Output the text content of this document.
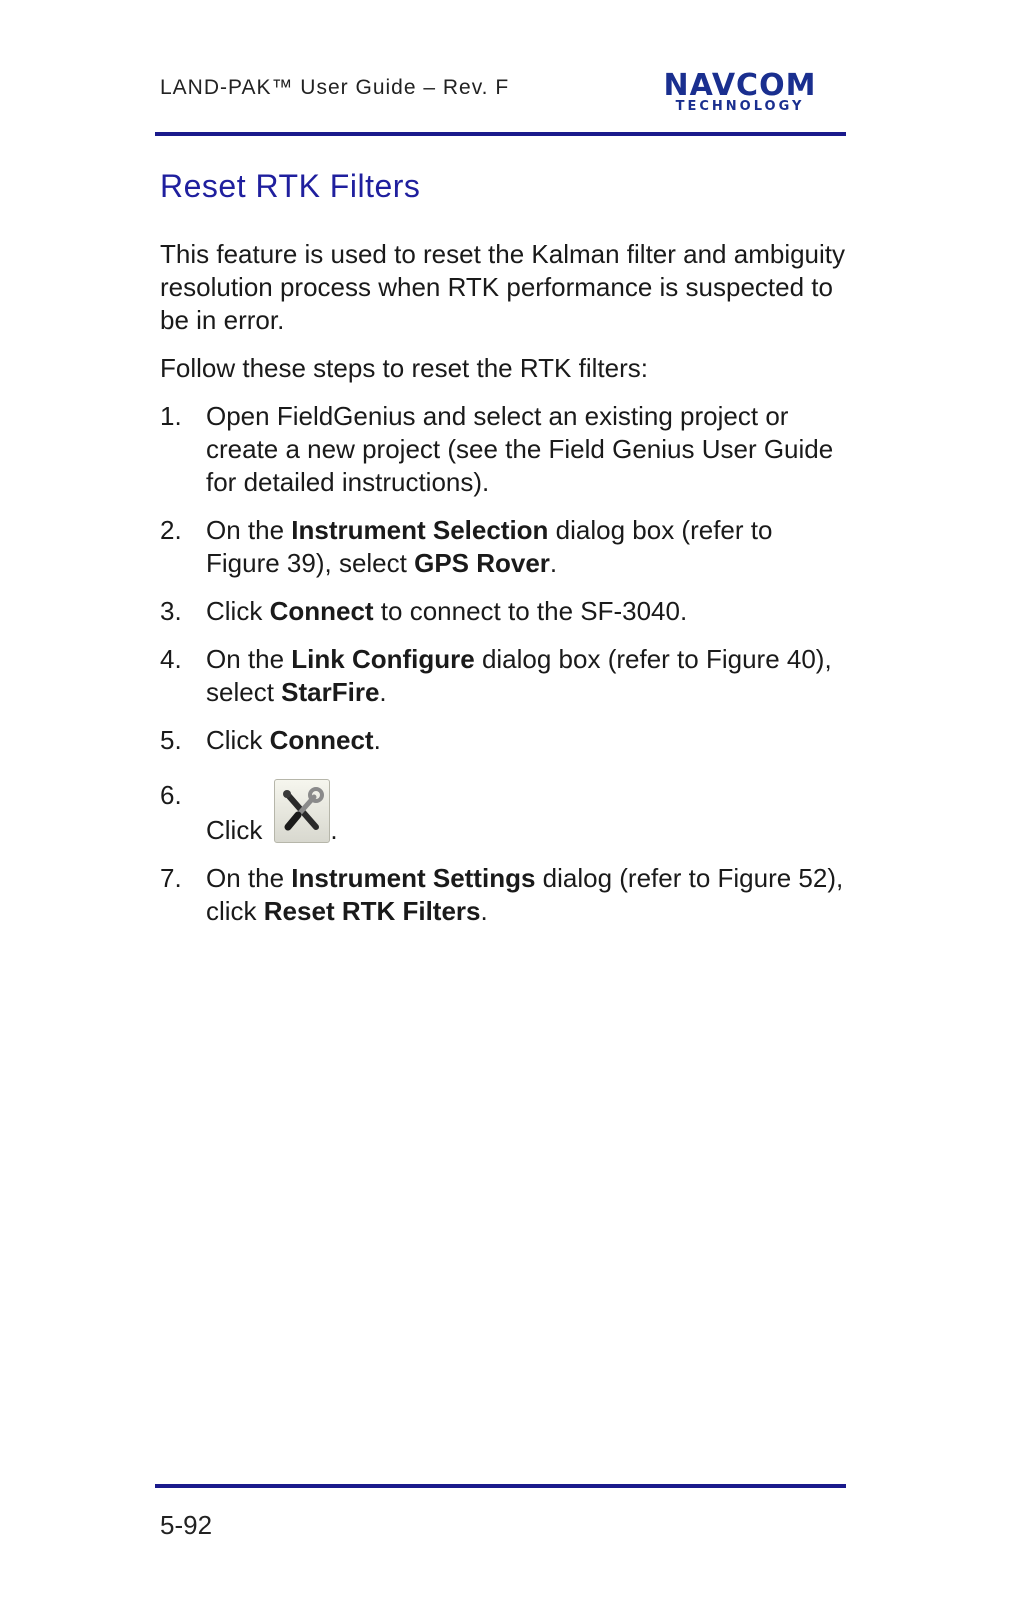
LAND-PAK™ User Guide – Rev. F	NAVCOM
TECHNOLOGY
Reset RTK Filters

This feature is used to reset the Kalman filter and ambiguity resolution process when RTK performance is suspected to be in error.

Follow these steps to reset the RTK filters:

1. Open FieldGenius and select an existing project or create a new project (see the Field Genius User Guide for detailed instructions).
2. On the Instrument Selection dialog box (refer to Figure 39), select GPS Rover.
3. Click Connect to connect to the SF-3040.
4. On the Link Configure dialog box (refer to Figure 40), select StarFire.
5. Click Connect.
6.
Click	.
7. On the Instrument Settings dialog (refer to Figure 52), click Reset RTK Filters.
5-92
